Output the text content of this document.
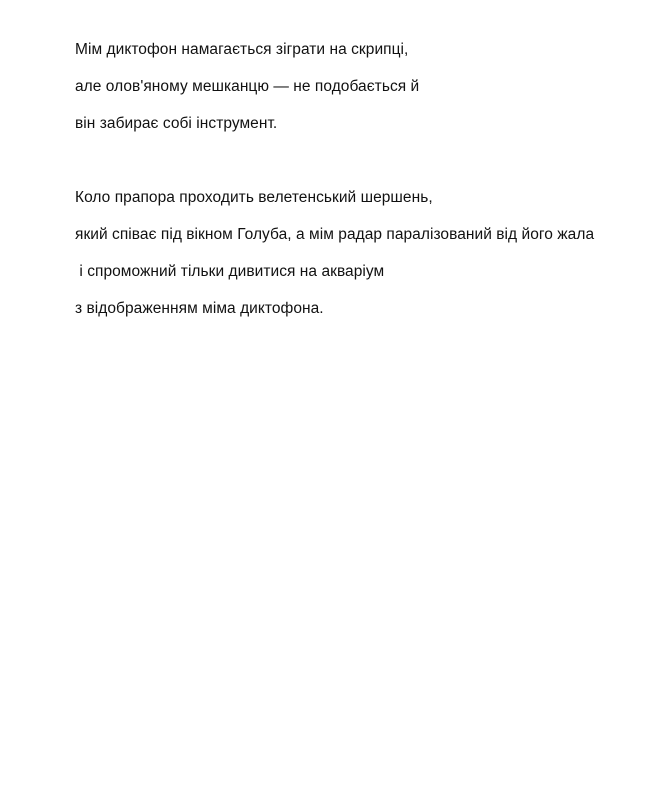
Мім диктофон намагається зіграти на скрипці,
але олов'яному мешканцю — не подобається й
він забирає собі інструмент.
Коло прапора проходить велетенський шершень,
який співає під вікном Голуба, а мім радар паралізований від його жала
і спроможний тільки дивитися на акваріум
з відображенням міма диктофона.
